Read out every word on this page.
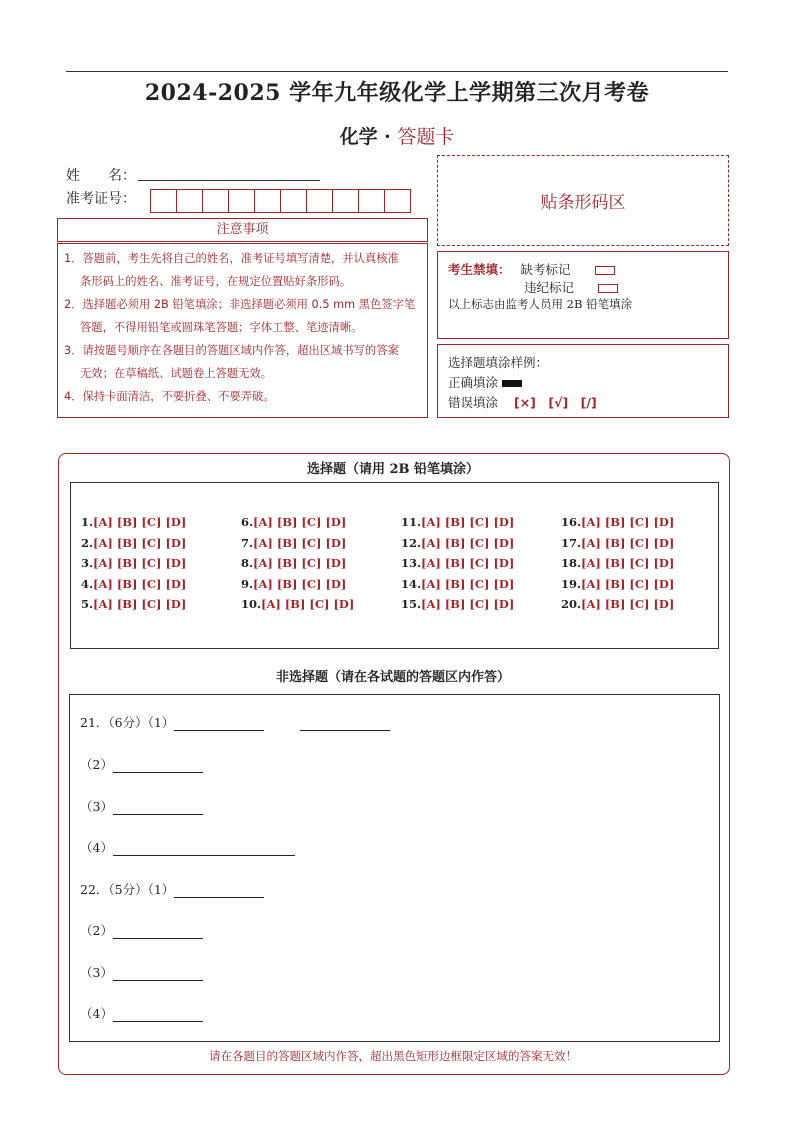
2024-2025 学年九年级化学上学期第三次月考卷
化学 · 答题卡
姓　　名：
准考证号：	贴条形码区
注意事项
1．答题前，考生先将自己的姓名，准考证号填写清楚，并认真核准
条形码上的姓名、准考证号，在规定位置贴好条形码。
2．选择题必须用 2B 铅笔填涂；非选择题必须用 0.5 mm 黑色签字笔
答题，不得用铅笔或圆珠笔答题；字体工整、笔迹清晰。
3．请按题号顺序在各题目的答题区域内作答，超出区域书写的答案
无效；在草稿纸、试题卷上答题无效。
4．保持卡面清洁，不要折叠、不要弄破。
考生禁填： 缺考标记
违纪标记
以上标志由监考人员用 2B 铅笔填涂
选择题填涂样例：
正确填涂
错误填涂 [×]　[√]　[/]
选择题（请用 2B 铅笔填涂）
1.[A] [B] [C] [D]
2.[A] [B] [C] [D]
3.[A] [B] [C] [D]
4.[A] [B] [C] [D]
5.[A] [B] [C] [D]
6.[A] [B] [C] [D]
7.[A] [B] [C] [D]
8.[A] [B] [C] [D]
9.[A] [B] [C] [D]
10.[A] [B] [C] [D]
11.[A] [B] [C] [D]
12.[A] [B] [C] [D]
13.[A] [B] [C] [D]
14.[A] [B] [C] [D]
15.[A] [B] [C] [D]
16.[A] [B] [C] [D]
17.[A] [B] [C] [D]
18.[A] [B] [C] [D]
19.[A] [B] [C] [D]
20.[A] [B] [C] [D]
非选择题（请在各试题的答题区内作答）
21．（6分）（1）
（2）
（3）
（4）
22．（5分）（1）
（2）
（3）
（4）
请在各题目的答题区域内作答，超出黑色矩形边框限定区域的答案无效！
